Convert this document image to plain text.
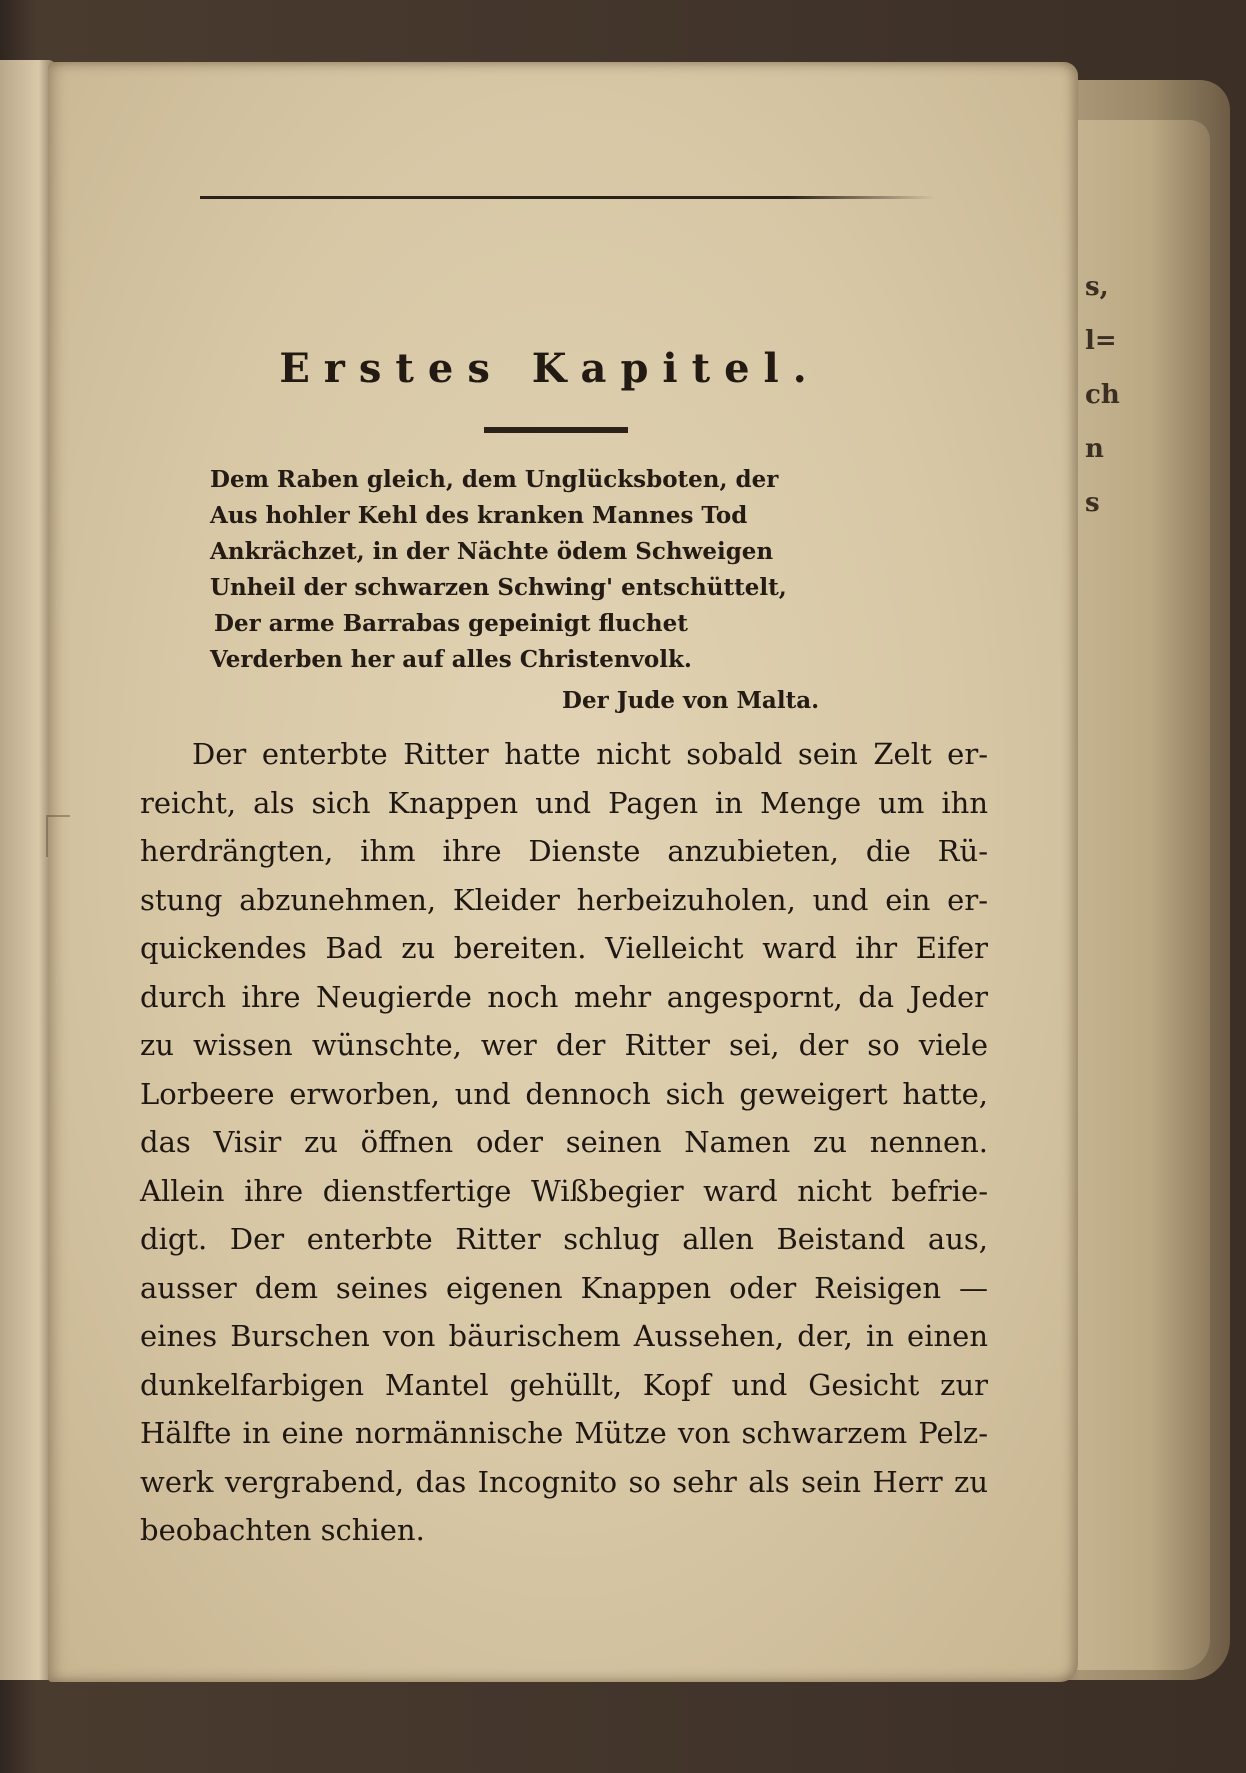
s,
l=
ch
n
s
Erstes Kapitel.
Dem Raben gleich, dem Unglücksboten, der
Aus hohler Kehl des kranken Mannes Tod
Ankrächzet, in der Nächte ödem Schweigen
Unheil der schwarzen Schwing' entschüttelt,
Der arme Barrabas gepeinigt fluchet
Verderben her auf alles Christenvolk.
Der Jude von Malta.
Der enterbte Ritter hatte nicht sobald sein Zelt er-
reicht, als sich Knappen und Pagen in Menge um ihn
herdrängten, ihm ihre Dienste anzubieten, die Rü-
stung abzunehmen, Kleider herbeizuholen, und ein er-
quickendes Bad zu bereiten. Vielleicht ward ihr Eifer
durch ihre Neugierde noch mehr angespornt, da Jeder
zu wissen wünschte, wer der Ritter sei, der so viele
Lorbeere erworben, und dennoch sich geweigert hatte,
das Visir zu öffnen oder seinen Namen zu nennen.
Allein ihre dienstfertige Wißbegier ward nicht befrie-
digt. Der enterbte Ritter schlug allen Beistand aus,
ausser dem seines eigenen Knappen oder Reisigen —
eines Burschen von bäurischem Aussehen, der, in einen
dunkelfarbigen Mantel gehüllt, Kopf und Gesicht zur
Hälfte in eine normännische Mütze von schwarzem Pelz-
werk vergrabend, das Incognito so sehr als sein Herr zu
beobachten schien.
